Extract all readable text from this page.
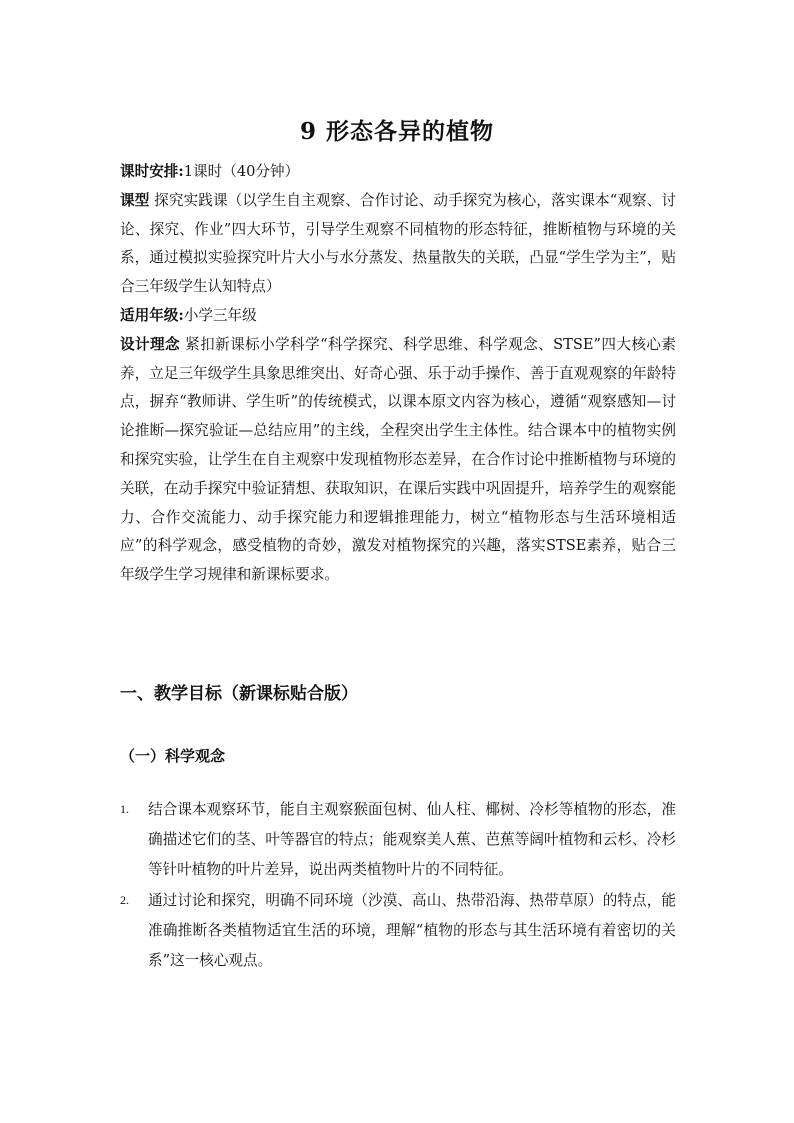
9 形态各异的植物

课时安排:1课时（40分钟）

课型 探究实践课（以学生自主观察、合作讨论、动手探究为核心，落实课本“观察、讨论、探究、作业”四大环节，引导学生观察不同植物的形态特征，推断植物与环境的关系，通过模拟实验探究叶片大小与水分蒸发、热量散失的关联，凸显“学生学为主”，贴合三年级学生认知特点）

适用年级:小学三年级

设计理念 紧扣新课标小学科学“科学探究、科学思维、科学观念、STSE”四大核心素养，立足三年级学生具象思维突出、好奇心强、乐于动手操作、善于直观观察的年龄特点，摒弃“教师讲、学生听”的传统模式，以课本原文内容为核心，遵循“观察感知—讨论推断—探究验证—总结应用”的主线，全程突出学生主体性。结合课本中的植物实例和探究实验，让学生在自主观察中发现植物形态差异，在合作讨论中推断植物与环境的关联，在动手探究中验证猜想、获取知识，在课后实践中巩固提升，培养学生的观察能力、合作交流能力、动手探究能力和逻辑推理能力，树立“植物形态与生活环境相适应”的科学观念，感受植物的奇妙，激发对植物探究的兴趣，落实STSE素养，贴合三年级学生学习规律和新课标要求。

一、教学目标（新课标贴合版）
（一）科学观念
1. 结合课本观察环节，能自主观察猴面包树、仙人柱、椰树、冷杉等植物的形态，准确描述它们的茎、叶等器官的特点；能观察美人蕉、芭蕉等阔叶植物和云杉、冷杉等针叶植物的叶片差异，说出两类植物叶片的不同特征。
2. 通过讨论和探究，明确不同环境（沙漠、高山、热带沿海、热带草原）的特点，能准确推断各类植物适宜生活的环境，理解“植物的形态与其生活环境有着密切的关系”这一核心观点。
